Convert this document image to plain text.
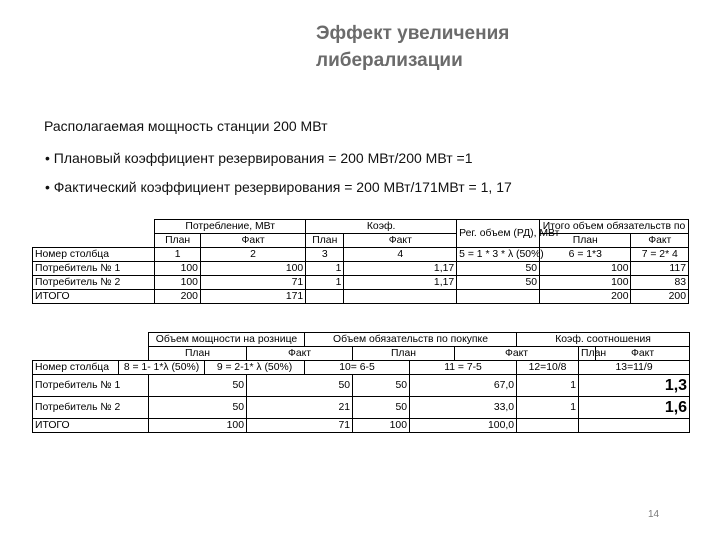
Эффект увеличения
либерализации
Располагаемая мощность станции 200 МВт
• Плановый коэффициент резервирования = 200 МВт/200 МВт =1
• Фактический коэффициент резервирования = 200 МВт/171МВт = 1, 17
	Потребление, МВт		Коэф.		Рег. объем (РД), МВт	Итого объем обязательств по	
	План	Факт	План	Факт		План	Факт
Номер столбца	1	2	3	4	5 = 1 * 3 * λ (50%)	6 = 1*3	7 = 2* 4
Потребитель № 1	100	100	1	1,17	50	100	117
Потребитель № 2	100	71	1	1,17	50	100	83
ИТОГО	200	171				200	200
		Объем мощности на рознице			Объем обязательств по покупке				Коэф. соотношения		
		План		Факт		План		Факт		План	Факт
Номер столбца	8 = 1- 1*λ (50%)		9 = 2-1* λ (50%)		10= 6-5		11 = 7-5		12=10/8	13=11/9	
Потребитель № 1		50		50		50	67,0		1	1,3	
Потребитель № 2		50		21		50	33,0		1	1,6	
ИТОГО		100		71		100	100,0				
14
